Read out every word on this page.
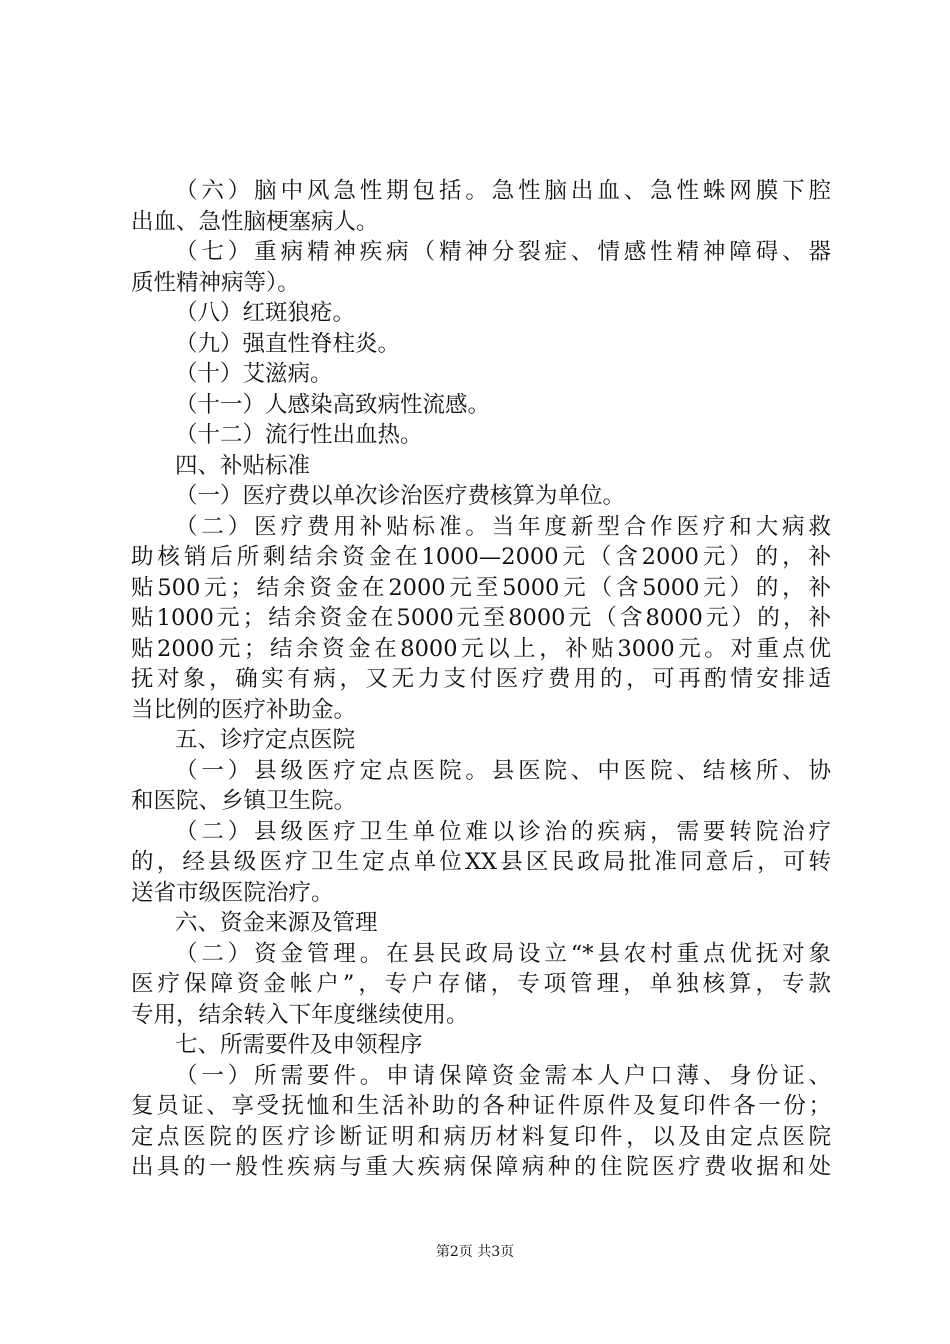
（六）脑中风急性期包括。急性脑出血、急性蛛网膜下腔
出血、急性脑梗塞病人。
（七）重病精神疾病（精神分裂症、情感性精神障碍、器
质性精神病等）。
（八）红斑狼疮。
（九）强直性脊柱炎。
（十）艾滋病。
（十一）人感染高致病性流感。
（十二）流行性出血热。
四、补贴标准
（一）医疗费以单次诊治医疗费核算为单位。
（二）医疗费用补贴标准。当年度新型合作医疗和大病救
助核销后所剩结余资金在1000—2000元（含2000元）的，补
贴500元；结余资金在2000元至5000元（含5000元）的，补
贴1000元；结余资金在5000元至8000元（含8000元）的，补
贴2000元；结余资金在8000元以上，补贴3000元。对重点优
抚对象，确实有病，又无力支付医疗费用的，可再酌情安排适
当比例的医疗补助金。
五、诊疗定点医院
（一）县级医疗定点医院。县医院、中医院、结核所、协
和医院、乡镇卫生院。
（二）县级医疗卫生单位难以诊治的疾病，需要转院治疗
的，经县级医疗卫生定点单位XX县区民政局批准同意后，可转
送省市级医院治疗。
六、资金来源及管理
（二）资金管理。在县民政局设立“*县农村重点优抚对象
医疗保障资金帐户”，专户存储，专项管理，单独核算，专款
专用，结余转入下年度继续使用。
七、所需要件及申领程序
（一）所需要件。申请保障资金需本人户口薄、身份证、
复员证、享受抚恤和生活补助的各种证件原件及复印件各一份；
定点医院的医疗诊断证明和病历材料复印件，以及由定点医院
出具的一般性疾病与重大疾病保障病种的住院医疗费收据和处
第2页 共3页
